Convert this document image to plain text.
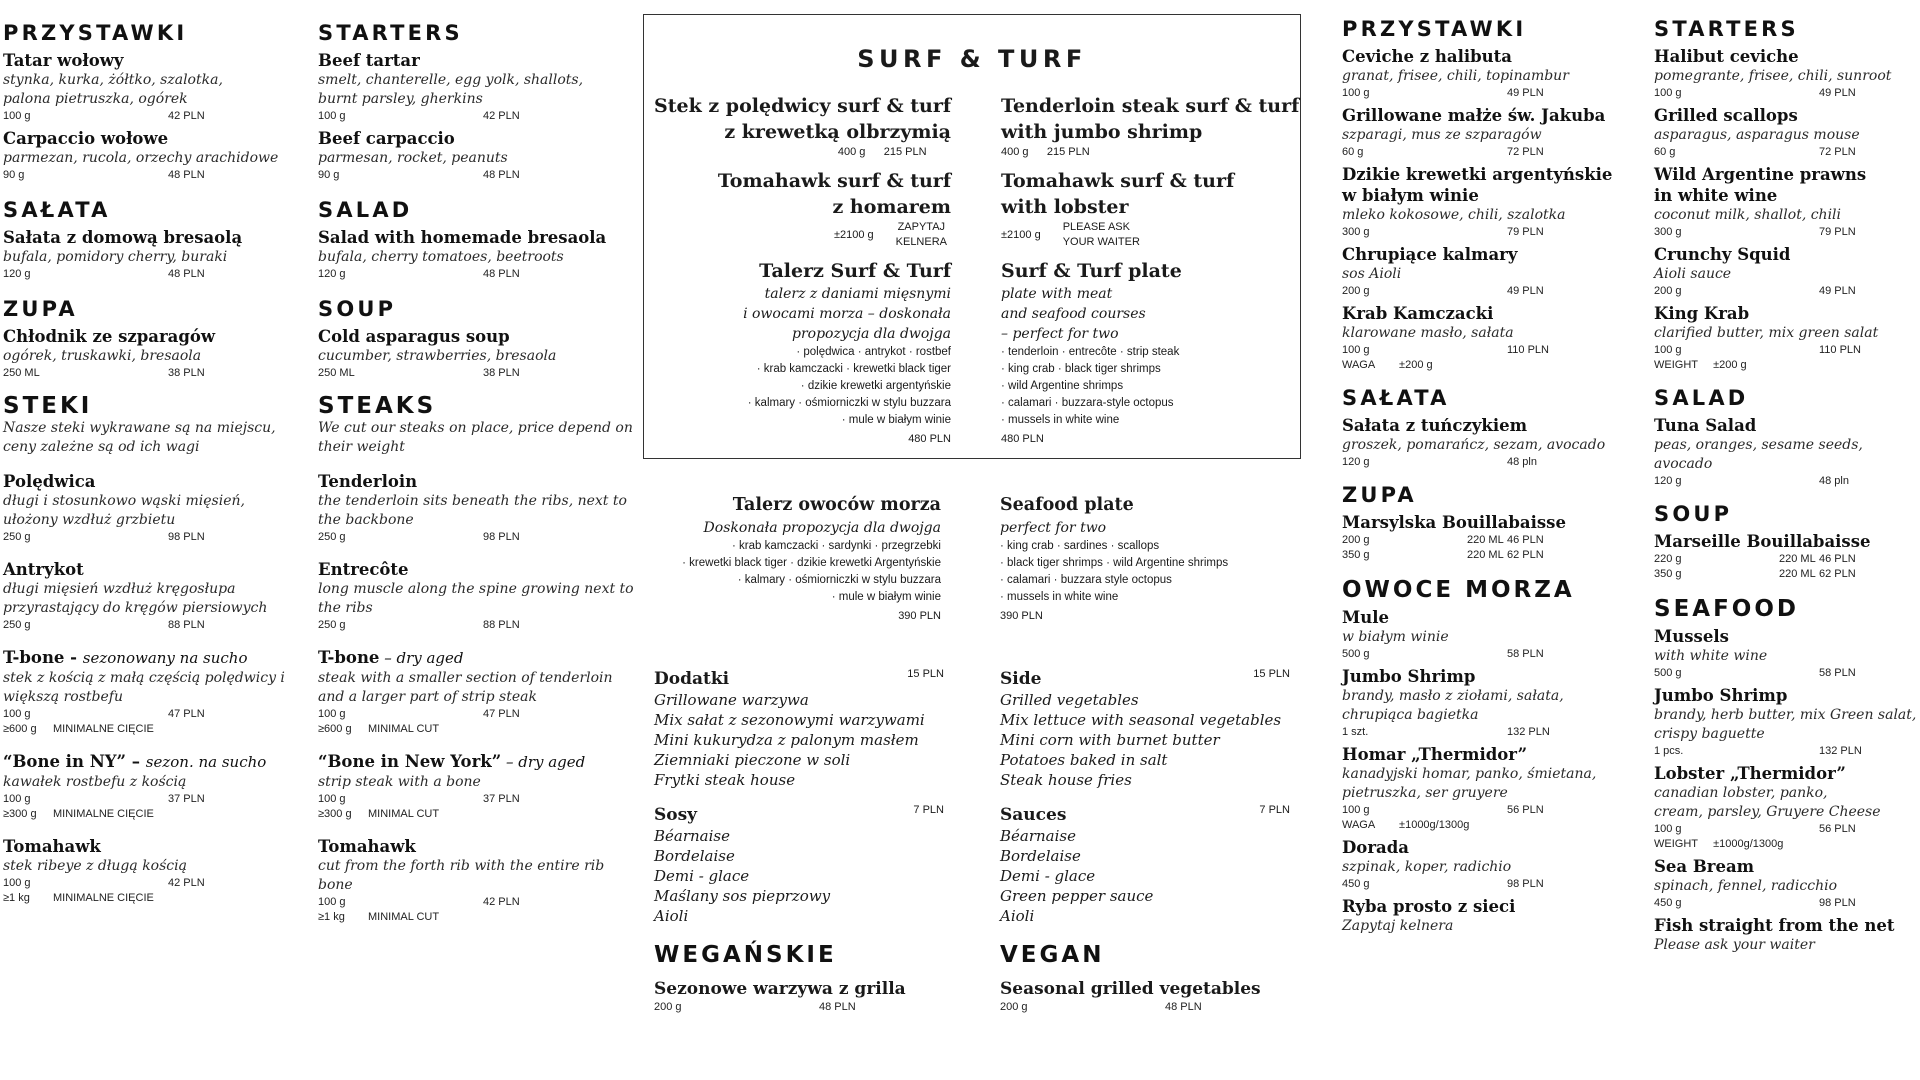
PRZYSTAWKI
Tatar wołowy
stynka, kurka, żółtko, szalotka,
palona pietruszka, ogórek
100 g	42 PLN
Carpaccio wołowe
parmezan, rucola, orzechy arachidowe
90 g	48 PLN
SAŁATA
Sałata z domową bresaolą
bufala, pomidory cherry, buraki
120 g	48 PLN
ZUPA
Chłodnik ze szparagów
ogórek, truskawki, bresaola
250 ML	38 PLN
STEKI
Nasze steki wykrawane są na miejscu,
ceny zależne są od ich wagi
Polędwica
długi i stosunkowo wąski mięsień,
ułożony wzdłuż grzbietu
250 g	98 PLN
Antrykot
długi mięsień wzdłuż kręgosłupa
przyrastający do kręgów piersiowych
250 g	88 PLN
T-bone - sezonowany na sucho
stek z kością z małą częścią polędwicy i
większą rostbefu
100 g	47 PLN
≥600 g	MINIMALNE CIĘCIE
“Bone in NY” – sezon. na sucho
kawałek rostbefu z kością
100 g	37 PLN
≥300 g	MINIMALNE CIĘCIE
Tomahawk
stek ribeye z długą kością
100 g	42 PLN
≥1 kg	MINIMALNE CIĘCIE
STARTERS
Beef tartar
smelt, chanterelle, egg yolk, shallots,
burnt parsley, gherkins
100 g	42 PLN
Beef carpaccio
parmesan, rocket, peanuts
90 g	48 PLN
SALAD
Salad with homemade bresaola
bufala, cherry tomatoes, beetroots
120 g	48 PLN
SOUP
Cold asparagus soup
cucumber, strawberries, bresaola
250 ML	38 PLN
STEAKS
We cut our steaks on place, price depend on
their weight
Tenderloin
the tenderloin sits beneath the ribs, next to
the backbone
250 g	98 PLN
Entrecôte
long muscle along the spine growing next to
the ribs
250 g	88 PLN
T-bone – dry aged
steak with a smaller section of tenderloin
and a larger part of strip steak
100 g	47 PLN
≥600 g	MINIMAL CUT
“Bone in New York” – dry aged
strip steak with a bone
100 g	37 PLN
≥300 g	MINIMAL CUT
Tomahawk
cut from the forth rib with the entire rib bone
100 g	42 PLN
≥1 kg	MINIMAL CUT
SURF & TURF
Stek z polędwicy surf & turf
z krewetką olbrzymią
400 g 215 PLN
Tenderloin steak surf & turf
with jumbo shrimp
400 g 215 PLN
Tomahawk surf & turf
z homarem
±2100 g
ZAPYTAJ
KELNERA
Tomahawk surf & turf
with lobster
±2100 g
PLEASE ASK
YOUR WAITER
Talerz Surf & Turf
talerz z daniami mięsnymi
i owocami morza – doskonała
propozycja dla dwojga
· polędwica · antrykot · rostbef
· krab kamczacki · krewetki black tiger
· dzikie krewetki argentyńskie
· kalmary · ośmiorniczki w stylu buzzara
· mule w białym winie
480 PLN
Surf & Turf plate
plate with meat
and seafood courses
– perfect for two
· tenderloin · entrecôte · strip steak
· king crab · black tiger shrimps
· wild Argentine shrimps
· calamari · buzzara-style octopus
· mussels in white wine
480 PLN
Talerz owoców morza
Doskonała propozycja dla dwojga
· krab kamczacki · sardynki · przegrzebki
· krewetki black tiger · dzikie krewetki Argentyńskie
· kalmary · ośmiorniczki w stylu buzzara
· mule w białym winie
390 PLN
Seafood plate
perfect for two
· king crab · sardines · scallops
· black tiger shrimps · wild Argentine shrimps
· calamari · buzzara style octopus
· mussels in white wine
390 PLN
Dodatki	15 PLN
Grillowane warzywa
Mix sałat z sezonowymi warzywami
Mini kukurydza z palonym masłem
Ziemniaki pieczone w soli
Frytki steak house
Sosy	7 PLN
Béarnaise
Bordelaise
Demi - glace
Maślany sos pieprzowy
Aioli
WEGAŃSKIE
Sezonowe warzywa z grilla
200 g	48 PLN
Side	15 PLN
Grilled vegetables
Mix lettuce with seasonal vegetables
Mini corn with burnet butter
Potatoes baked in salt
Steak house fries
Sauces	7 PLN
Béarnaise
Bordelaise
Demi - glace
Green pepper sauce
Aioli
VEGAN
Seasonal grilled vegetables
200 g	48 PLN
PRZYSTAWKI
Ceviche z halibuta
granat, frisee, chili, topinambur
100 g	49 PLN
Grillowane małże św. Jakuba
szparagi, mus ze szparagów
60 g	72 PLN
Dzikie krewetki argentyńskie
w białym winie
mleko kokosowe, chili, szalotka
300 g	79 PLN
Chrupiące kalmary
sos Aioli
200 g	49 PLN
Krab Kamczacki
klarowane masło, sałata
100 g	110 PLN
WAGA        ±200 g
SAŁATA
Sałata z tuńczykiem
groszek, pomarańcz, sezam, avocado
120 g	48 pln
ZUPA
Marsylska Bouillabaisse
200 g	220 ML 46 PLN
350 g	220 ML 62 PLN
OWOCE MORZA
Mule
w białym winie
500 g	58 PLN
Jumbo Shrimp
brandy, masło z ziołami, sałata,
chrupiąca bagietka
1 szt.	132 PLN
Homar „Thermidor”
kanadyjski homar, panko, śmietana,
pietruszka, ser gruyere
100 g	56 PLN
WAGA        ±1000g/1300g
Dorada
szpinak, koper, radichio
450 g	98 PLN
Ryba prosto z sieci
Zapytaj kelnera
STARTERS
Halibut ceviche
pomegrante, frisee, chili, sunroot
100 g	49 PLN
Grilled scallops
asparagus, asparagus mouse
60 g	72 PLN
Wild Argentine prawns
in white wine
coconut milk, shallot, chili
300 g	79 PLN
Crunchy Squid
Aioli sauce
200 g	49 PLN
King Krab
clarified butter, mix green salat
100 g	110 PLN
WEIGHT     ±200 g
SALAD
Tuna Salad
peas, oranges, sesame seeds, avocado
120 g	48 pln
SOUP
Marseille Bouillabaisse
220 g	220 ML 46 PLN
350 g	220 ML 62 PLN
SEAFOOD
Mussels
with white wine
500 g	58 PLN
Jumbo Shrimp
brandy, herb butter, mix Green salat,
crispy baguette
1 pcs.	132 PLN
Lobster „Thermidor”
canadian lobster, panko,
cream, parsley, Gruyere Cheese
100 g	56 PLN
WEIGHT     ±1000g/1300g
Sea Bream
spinach, fennel, radicchio
450 g	98 PLN
Fish straight from the net
Please ask your waiter
